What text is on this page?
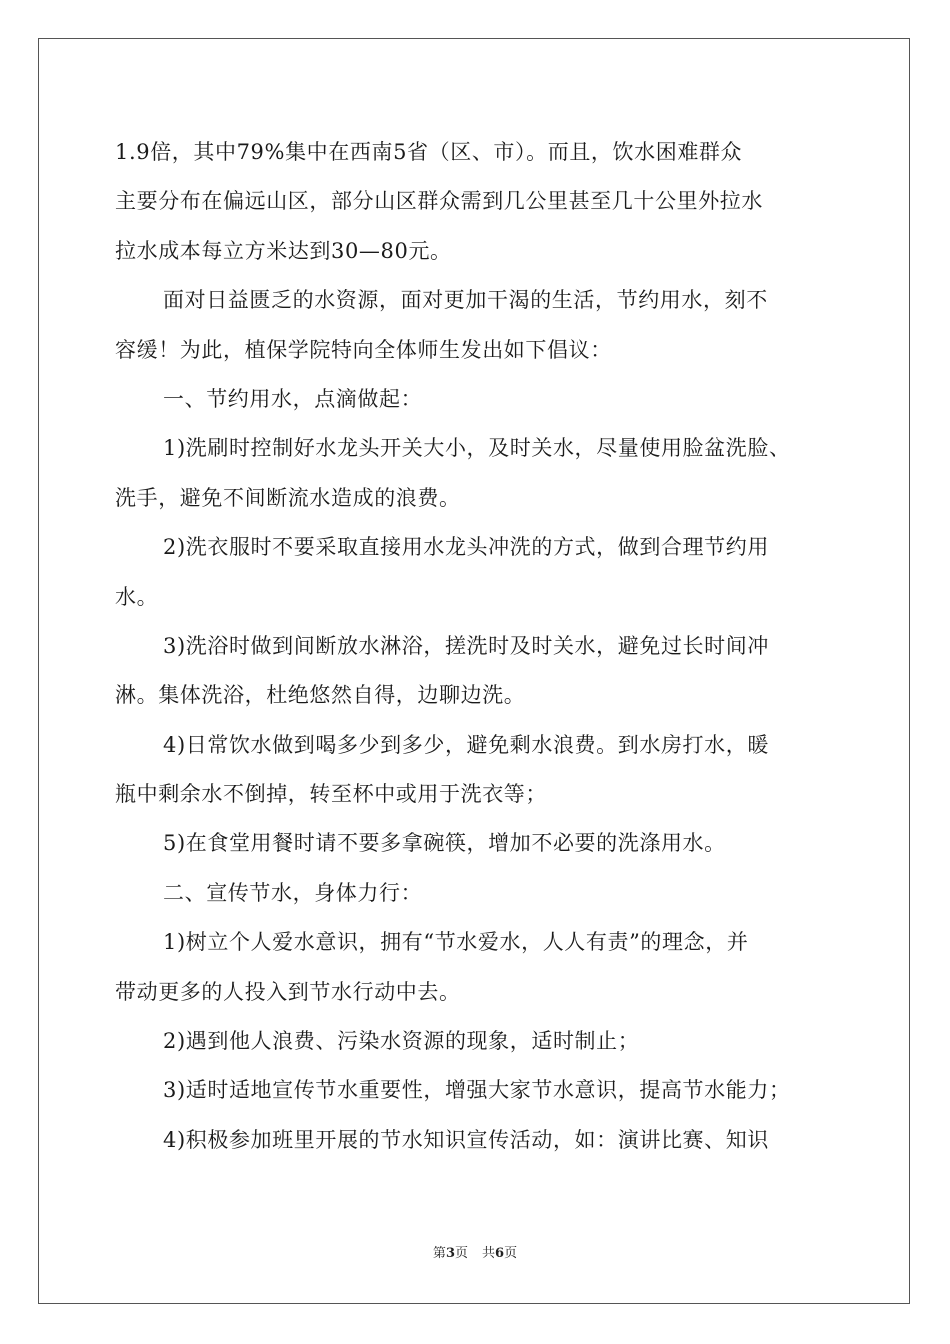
1.9倍，其中79%集中在西南5省（区、市）。而且，饮水困难群众
主要分布在偏远山区，部分山区群众需到几公里甚至几十公里外拉水
拉水成本每立方米达到30—80元。
面对日益匮乏的水资源，面对更加干渴的生活，节约用水，刻不
容缓！为此，植保学院特向全体师生发出如下倡议：
一、节约用水，点滴做起：
1)洗刷时控制好水龙头开关大小，及时关水，尽量使用脸盆洗脸、
洗手，避免不间断流水造成的浪费。
2)洗衣服时不要采取直接用水龙头冲洗的方式，做到合理节约用
水。
3)洗浴时做到间断放水淋浴，搓洗时及时关水，避免过长时间冲
淋。集体洗浴，杜绝悠然自得，边聊边洗。
4)日常饮水做到喝多少到多少，避免剩水浪费。到水房打水，暖
瓶中剩余水不倒掉，转至杯中或用于洗衣等；
5)在食堂用餐时请不要多拿碗筷，增加不必要的洗涤用水。
二、宣传节水，身体力行：
1)树立个人爱水意识，拥有“节水爱水，人人有责”的理念，并
带动更多的人投入到节水行动中去。
2)遇到他人浪费、污染水资源的现象，适时制止；
3)适时适地宣传节水重要性，增强大家节水意识，提高节水能力；
4)积极参加班里开展的节水知识宣传活动，如：演讲比赛、知识
第3页 共6页
